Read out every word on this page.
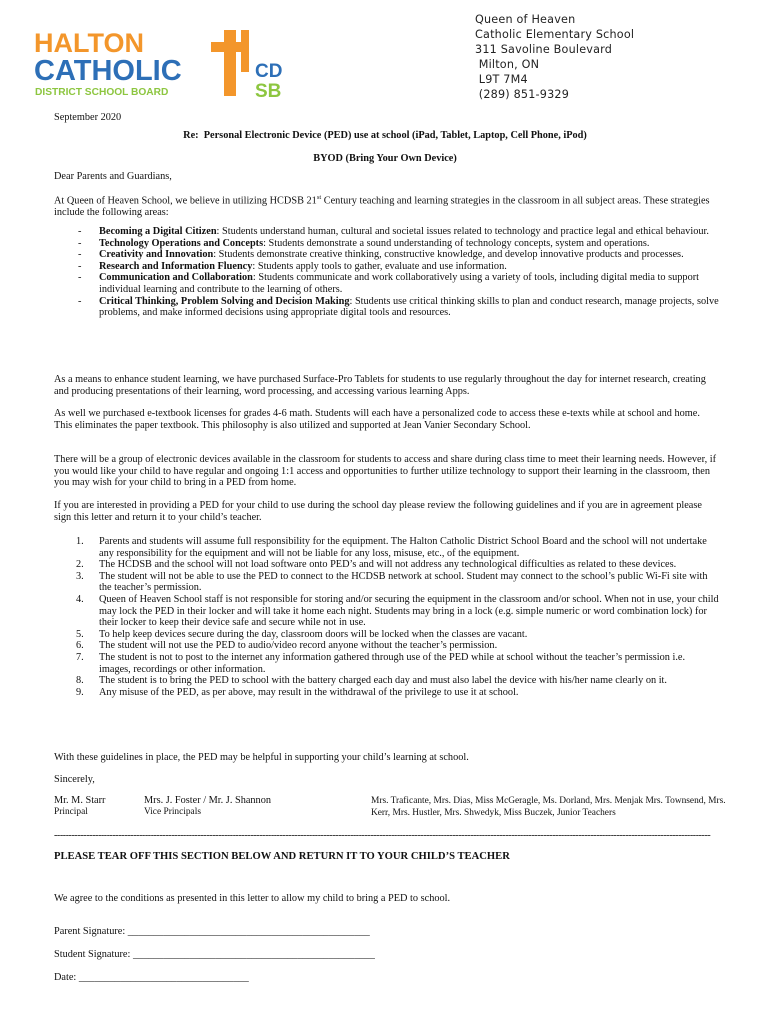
HALTON
CATHOLIC
DISTRICT SCHOOL BOARD
CD
SB
Queen of Heaven
Catholic Elementary School
311 Savoline Boulevard
Milton, ON
L9T 7M4
(289) 851-9329
September 2020
Re:  Personal Electronic Device (PED) use at school (iPad, Tablet, Laptop, Cell Phone, iPod)
BYOD (Bring Your Own Device)
Dear Parents and Guardians,
At Queen of Heaven School, we believe in utilizing HCDSB 21st Century teaching and learning strategies in the classroom in all subject areas. These strategies include the following areas:
- Becoming a Digital Citizen: Students understand human, cultural and societal issues related to technology and practice legal and ethical behaviour.
- Technology Operations and Concepts: Students demonstrate a sound understanding of technology concepts, system and operations.
- Creativity and Innovation: Students demonstrate creative thinking, constructive knowledge, and develop innovative products and processes.
- Research and Information Fluency: Students apply tools to gather, evaluate and use information.
- Communication and Collaboration: Students communicate and work collaboratively using a variety of tools, including digital media to support individual learning and contribute to the learning of others.
- Critical Thinking, Problem Solving and Decision Making: Students use critical thinking skills to plan and conduct research, manage projects, solve problems, and make informed decisions using appropriate digital tools and resources.
As a means to enhance student learning, we have purchased Surface-Pro Tablets for students to use regularly throughout the day for internet research, creating and producing presentations of their learning, word processing, and accessing various learning Apps.
As well we purchased e-textbook licenses for grades 4-6 math. Students will each have a personalized code to access these e-texts while at school and home. This eliminates the paper textbook. This philosophy is also utilized and supported at Jean Vanier Secondary School.
There will be a group of electronic devices available in the classroom for students to access and share during class time to meet their learning needs. However, if you would like your child to have regular and ongoing 1:1 access and opportunities to further utilize technology to support their learning in the classroom, then you may wish for your child to bring in a PED from home.
If you are interested in providing a PED for your child to use during the school day please review the following guidelines and if you are in agreement please sign this letter and return it to your child’s teacher.
1. Parents and students will assume full responsibility for the equipment. The Halton Catholic District School Board and the school will not undertake any responsibility for the equipment and will not be liable for any loss, misuse, etc., of the equipment.
2. The HCDSB and the school will not load software onto PED’s and will not address any technological difficulties as related to these devices.
3. The student will not be able to use the PED to connect to the HCDSB network at school. Student may connect to the school’s public Wi-Fi site with the teacher’s permission.
4. Queen of Heaven School staff is not responsible for storing and/or securing the equipment in the classroom and/or school. When not in use, your child may lock the PED in their locker and will take it home each night. Students may bring in a lock (e.g. simple numeric or word combination lock) for their locker to keep their device safe and secure while not in use.
5. To help keep devices secure during the day, classroom doors will be locked when the classes are vacant.
6. The student will not use the PED to audio/video record anyone without the teacher’s permission.
7. The student is not to post to the internet any information gathered through use of the PED while at school without the teacher’s permission i.e. images, recordings or other information.
8. The student is to bring the PED to school with the battery charged each day and must also label the device with his/her name clearly on it.
9. Any misuse of the PED, as per above, may result in the withdrawal of the privilege to use it at school.
With these guidelines in place, the PED may be helpful in supporting your child’s learning at school.
Sincerely,
Mr. M. Starr
Principal
Mrs. J. Foster / Mr. J. Shannon
Vice Principals
Mrs. Traficante, Mrs. Dias, Miss McGeragle, Ms. Dorland, Mrs. Menjak Mrs. Townsend, Mrs. Kerr, Mrs. Hustler, Mrs. Shwedyk, Miss Buczek, Junior Teachers
--------------------------------------------------------------------------------------------------------------------------------------------------------------------------------------------------------------------------------
PLEASE TEAR OFF THIS SECTION BELOW AND RETURN IT TO YOUR CHILD’S TEACHER
We agree to the conditions as presented in this letter to allow my child to bring a PED to school.
Parent Signature: _______________________________________________
Student Signature: _______________________________________________
Date: _________________________________
